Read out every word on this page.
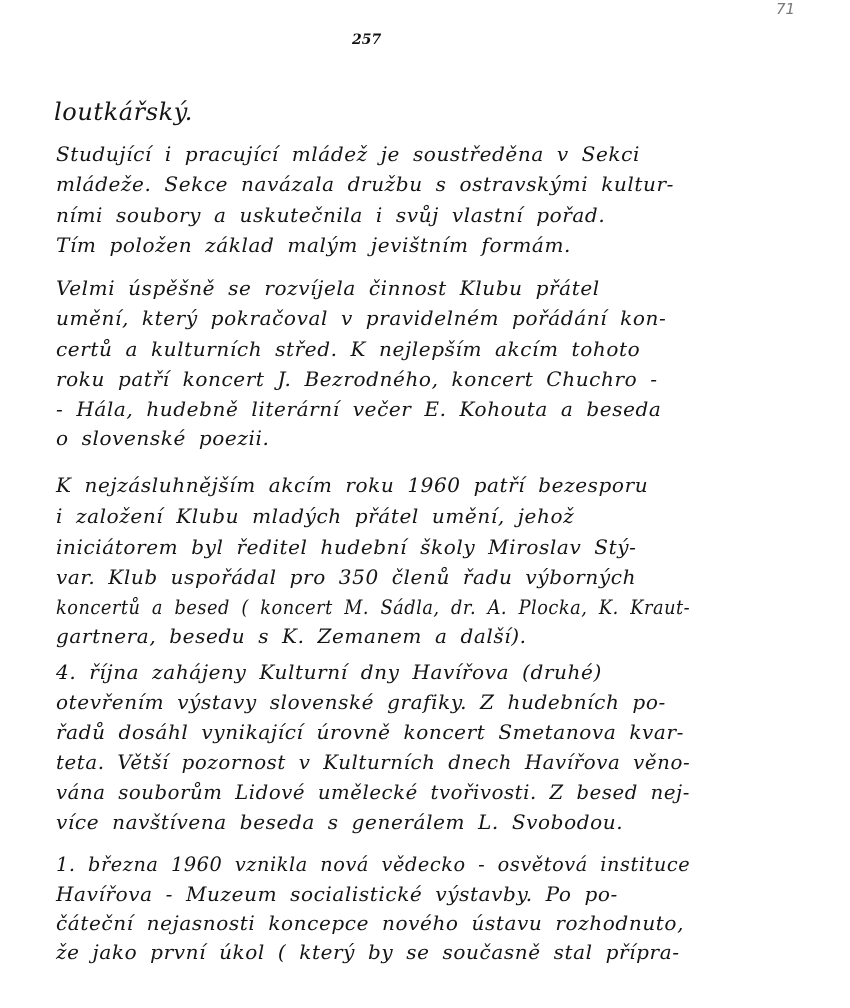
71
257
loutkářský.
Studující i pracující mládež je soustředěna v Sekci
mládeže. Sekce navázala družbu s ostravskými kultur-
ními soubory a uskutečnila i svůj vlastní pořad.
Tím položen základ malým jevištním formám.
Velmi úspěšně se rozvíjela činnost Klubu přátel
umění, který pokračoval v pravidelném pořádání kon-
certů a kulturních střed. K nejlepším akcím tohoto
roku patří koncert J. Bezrodného, koncert Chuchro -
- Hála, hudebně literární večer E. Kohouta a beseda
o slovenské poezii.
K nejzásluhnějším akcím roku 1960 patří bezesporu
i založení Klubu mladých přátel umění, jehož
iniciátorem byl ředitel hudební školy Miroslav Stý-
var. Klub uspořádal pro 350 členů řadu výborných
koncertů a besed ( koncert M. Sádla, dr. A. Plocka, K. Kraut-
gartnera, besedu s K. Zemanem a další).
4. října zahájeny Kulturní dny Havířova (druhé)
otevřením výstavy slovenské grafiky. Z hudebních po-
řadů dosáhl vynikající úrovně koncert Smetanova kvar-
teta. Větší pozornost v Kulturních dnech Havířova věno-
vána souborům Lidové umělecké tvořivosti. Z besed nej-
více navštívena beseda s generálem L. Svobodou.
1. března 1960 vznikla nová vědecko - osvětová instituce
Havířova - Muzeum socialistické výstavby. Po po-
čáteční nejasnosti koncepce nového ústavu rozhodnuto,
že jako první úkol ( který by se současně stal přípra-
